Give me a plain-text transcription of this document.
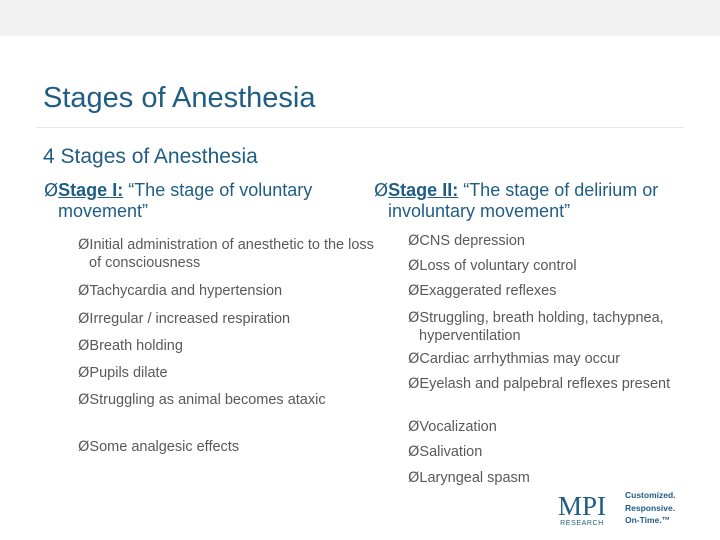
Stages of Anesthesia
4 Stages of Anesthesia
ØStage I: “The stage of voluntary movement”
ØInitial administration of anesthetic to the loss of consciousness
ØTachycardia and hypertension
ØIrregular / increased respiration
ØBreath holding
ØPupils dilate
ØStruggling as animal becomes ataxic
ØSome analgesic effects
ØStage II: “The stage of delirium or involuntary movement”
ØCNS depression
ØLoss of voluntary control
ØExaggerated reflexes
ØStruggling, breath holding, tachypnea, hyperventilation
ØCardiac arrhythmias may occur
ØEyelash and palpebral reflexes present
ØVocalization
ØSalivation
ØLaryngeal spasm
MPI
RESEARCH
Customized.
Responsive.
On-Time.™
